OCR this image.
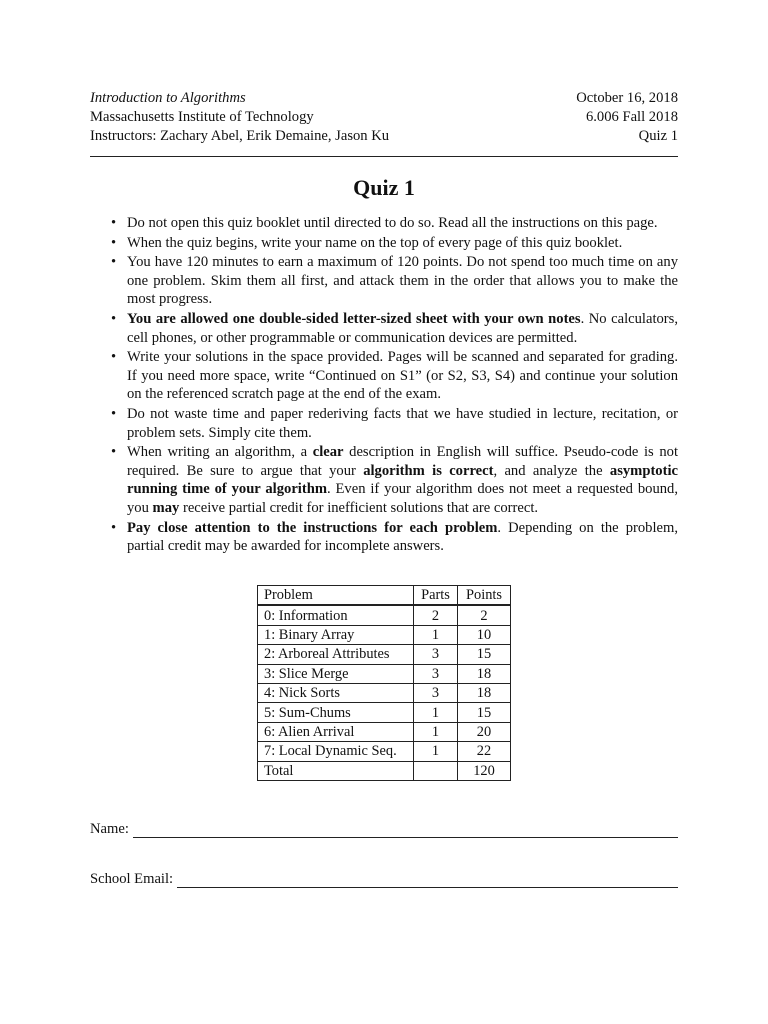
Introduction to Algorithms	October 16, 2018
Massachusetts Institute of Technology	6.006 Fall 2018
Instructors: Zachary Abel, Erik Demaine, Jason Ku	Quiz 1
Quiz 1
• Do not open this quiz booklet until directed to do so. Read all the instructions on this page.
• When the quiz begins, write your name on the top of every page of this quiz booklet.
• You have 120 minutes to earn a maximum of 120 points. Do not spend too much time on any one problem. Skim them all first, and attack them in the order that allows you to make the most progress.
• You are allowed one double-sided letter-sized sheet with your own notes. No calculators, cell phones, or other programmable or communication devices are permitted.
• Write your solutions in the space provided. Pages will be scanned and separated for grading. If you need more space, write “Continued on S1” (or S2, S3, S4) and continue your solution on the referenced scratch page at the end of the exam.
• Do not waste time and paper rederiving facts that we have studied in lecture, recitation, or problem sets. Simply cite them.
• When writing an algorithm, a clear description in English will suffice. Pseudo-code is not required. Be sure to argue that your algorithm is correct, and analyze the asymptotic running time of your algorithm. Even if your algorithm does not meet a requested bound, you may receive partial credit for inefficient solutions that are correct.
• Pay close attention to the instructions for each problem. Depending on the problem, partial credit may be awarded for incomplete answers.
Problem	Parts	Points
0: Information	2	2
1: Binary Array	1	10
2: Arboreal Attributes	3	15
3: Slice Merge	3	18
4: Nick Sorts	3	18
5: Sum-Chums	1	15
6: Alien Arrival	1	20
7: Local Dynamic Seq.	1	22
Total		120
Name:
School Email:
